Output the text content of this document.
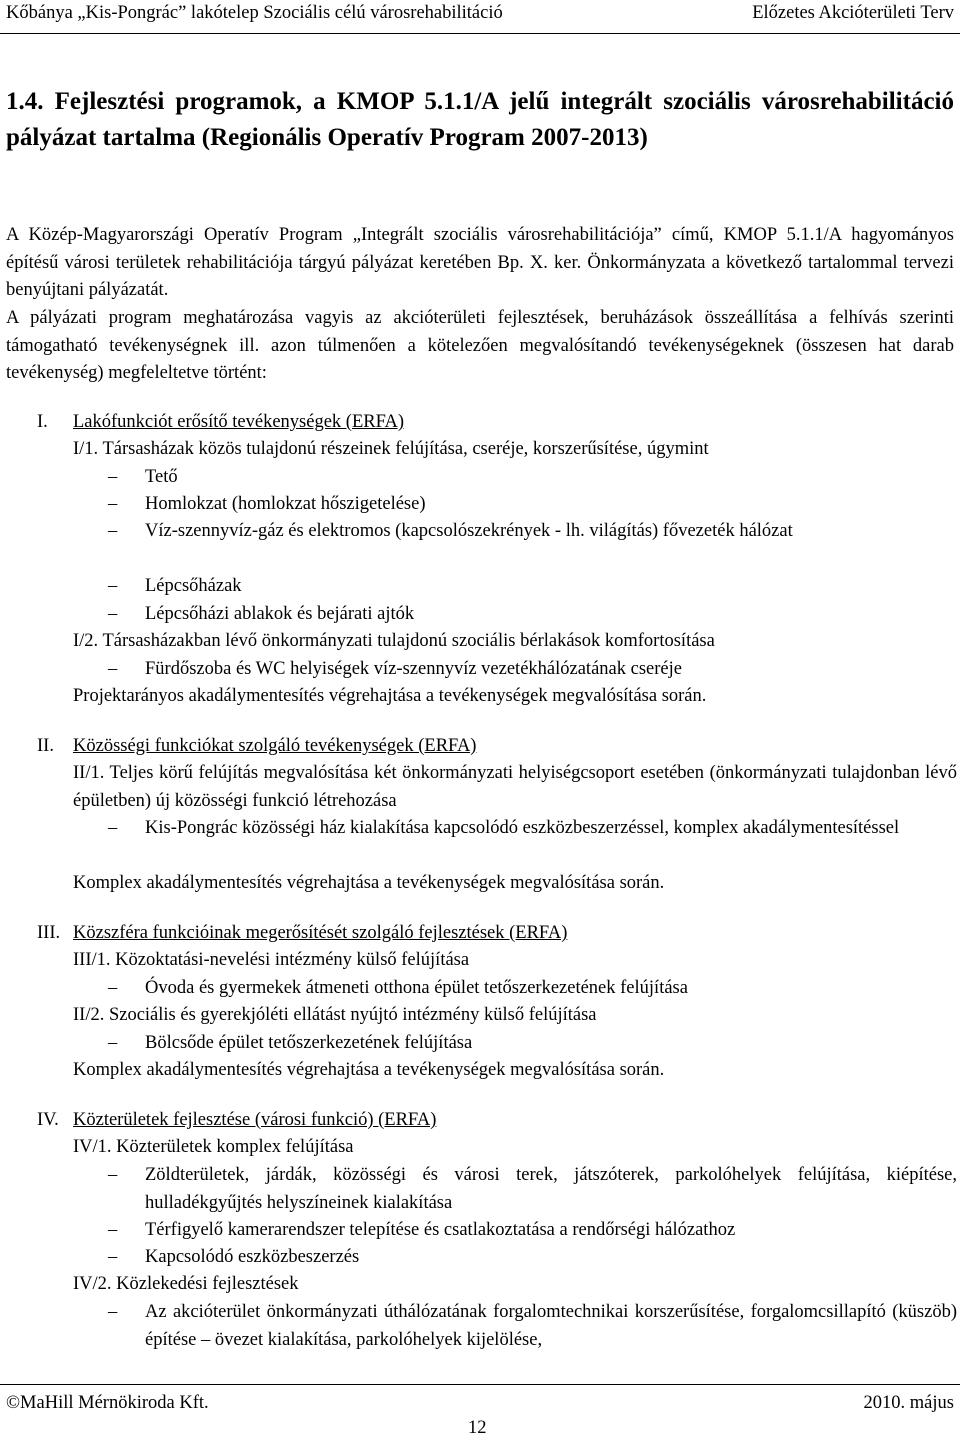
Kőbánya „Kis-Pongrác” lakótelep Szociális célú városrehabilitáció	Előzetes Akcióterületi Terv
1.4. Fejlesztési programok, a KMOP 5.1.1/A jelű integrált szociális városrehabilitáció pályázat tartalma (Regionális Operatív Program 2007-2013)

A Közép-Magyarországi Operatív Program „Integrált szociális városrehabilitációja” című, KMOP 5.1.1/A hagyományos építésű városi területek rehabilitációja tárgyú pályázat keretében Bp. X. ker. Önkormányzata a következő tartalommal tervezi benyújtani pályázatát.

A pályázati program meghatározása vagyis az akcióterületi fejlesztések, beruházások összeállítása a felhívás szerinti támogatható tevékenységnek ill. azon túlmenően a kötelezően megvalósítandó tevékenységeknek (összesen hat darab tevékenység) megfeleltetve történt:

I. Lakófunkciót erősítő tevékenységek (ERFA)
I/1. Társasházak közös tulajdonú részeinek felújítása, cseréje, korszerűsítése, úgymint
– Tető
– Homlokzat (homlokzat hőszigetelése)
– Víz-szennyvíz-gáz és elektromos (kapcsolószekrények - lh. világítás) fővezeték hálózat

– Lépcsőházak
– Lépcsőházi ablakok és bejárati ajtók
I/2. Társasházakban lévő önkormányzati tulajdonú szociális bérlakások komfortosítása
– Fürdőszoba és WC helyiségek víz-szennyvíz vezetékhálózatának cseréje
Projektarányos akadálymentesítés végrehajtása a tevékenységek megvalósítása során.
II. Közösségi funkciókat szolgáló tevékenységek (ERFA)

II/1. Teljes körű felújítás megvalósítása két önkormányzati helyiségcsoport esetében (önkormányzati tulajdonban lévő épületben) új közösségi funkció létrehozása

– Kis-Pongrác közösségi ház kialakítása kapcsolódó eszközbeszerzéssel, komplex akadálymentesítéssel

Komplex akadálymentesítés végrehajtása a tevékenységek megvalósítása során.
III. Közszféra funkcióinak megerősítését szolgáló fejlesztések (ERFA)
III/1. Közoktatási-nevelési intézmény külső felújítása
– Óvoda és gyermekek átmeneti otthona épület tetőszerkezetének felújítása
II/2. Szociális és gyerekjóléti ellátást nyújtó intézmény külső felújítása
– Bölcsőde épület tetőszerkezetének felújítása
Komplex akadálymentesítés végrehajtása a tevékenységek megvalósítása során.
IV. Közterületek fejlesztése (városi funkció) (ERFA)
IV/1. Közterületek komplex felújítása
– Zöldterületek, járdák, közösségi és városi terek, játszóterek, parkolóhelyek felújítása, kiépítése, hulladékgyűjtés helyszíneinek kialakítása

– Térfigyelő kamerarendszer telepítése és csatlakoztatása a rendőrségi hálózathoz
– Kapcsolódó eszközbeszerzés
IV/2. Közlekedési fejlesztések
– Az akcióterület önkormányzati úthálózatának forgalomtechnikai korszerűsítése, forgalomcsillapító (küszöb) építése – övezet kialakítása, parkolóhelyek kijelölése,

©MaHill Mérnökiroda Kft.	2010. május
12
